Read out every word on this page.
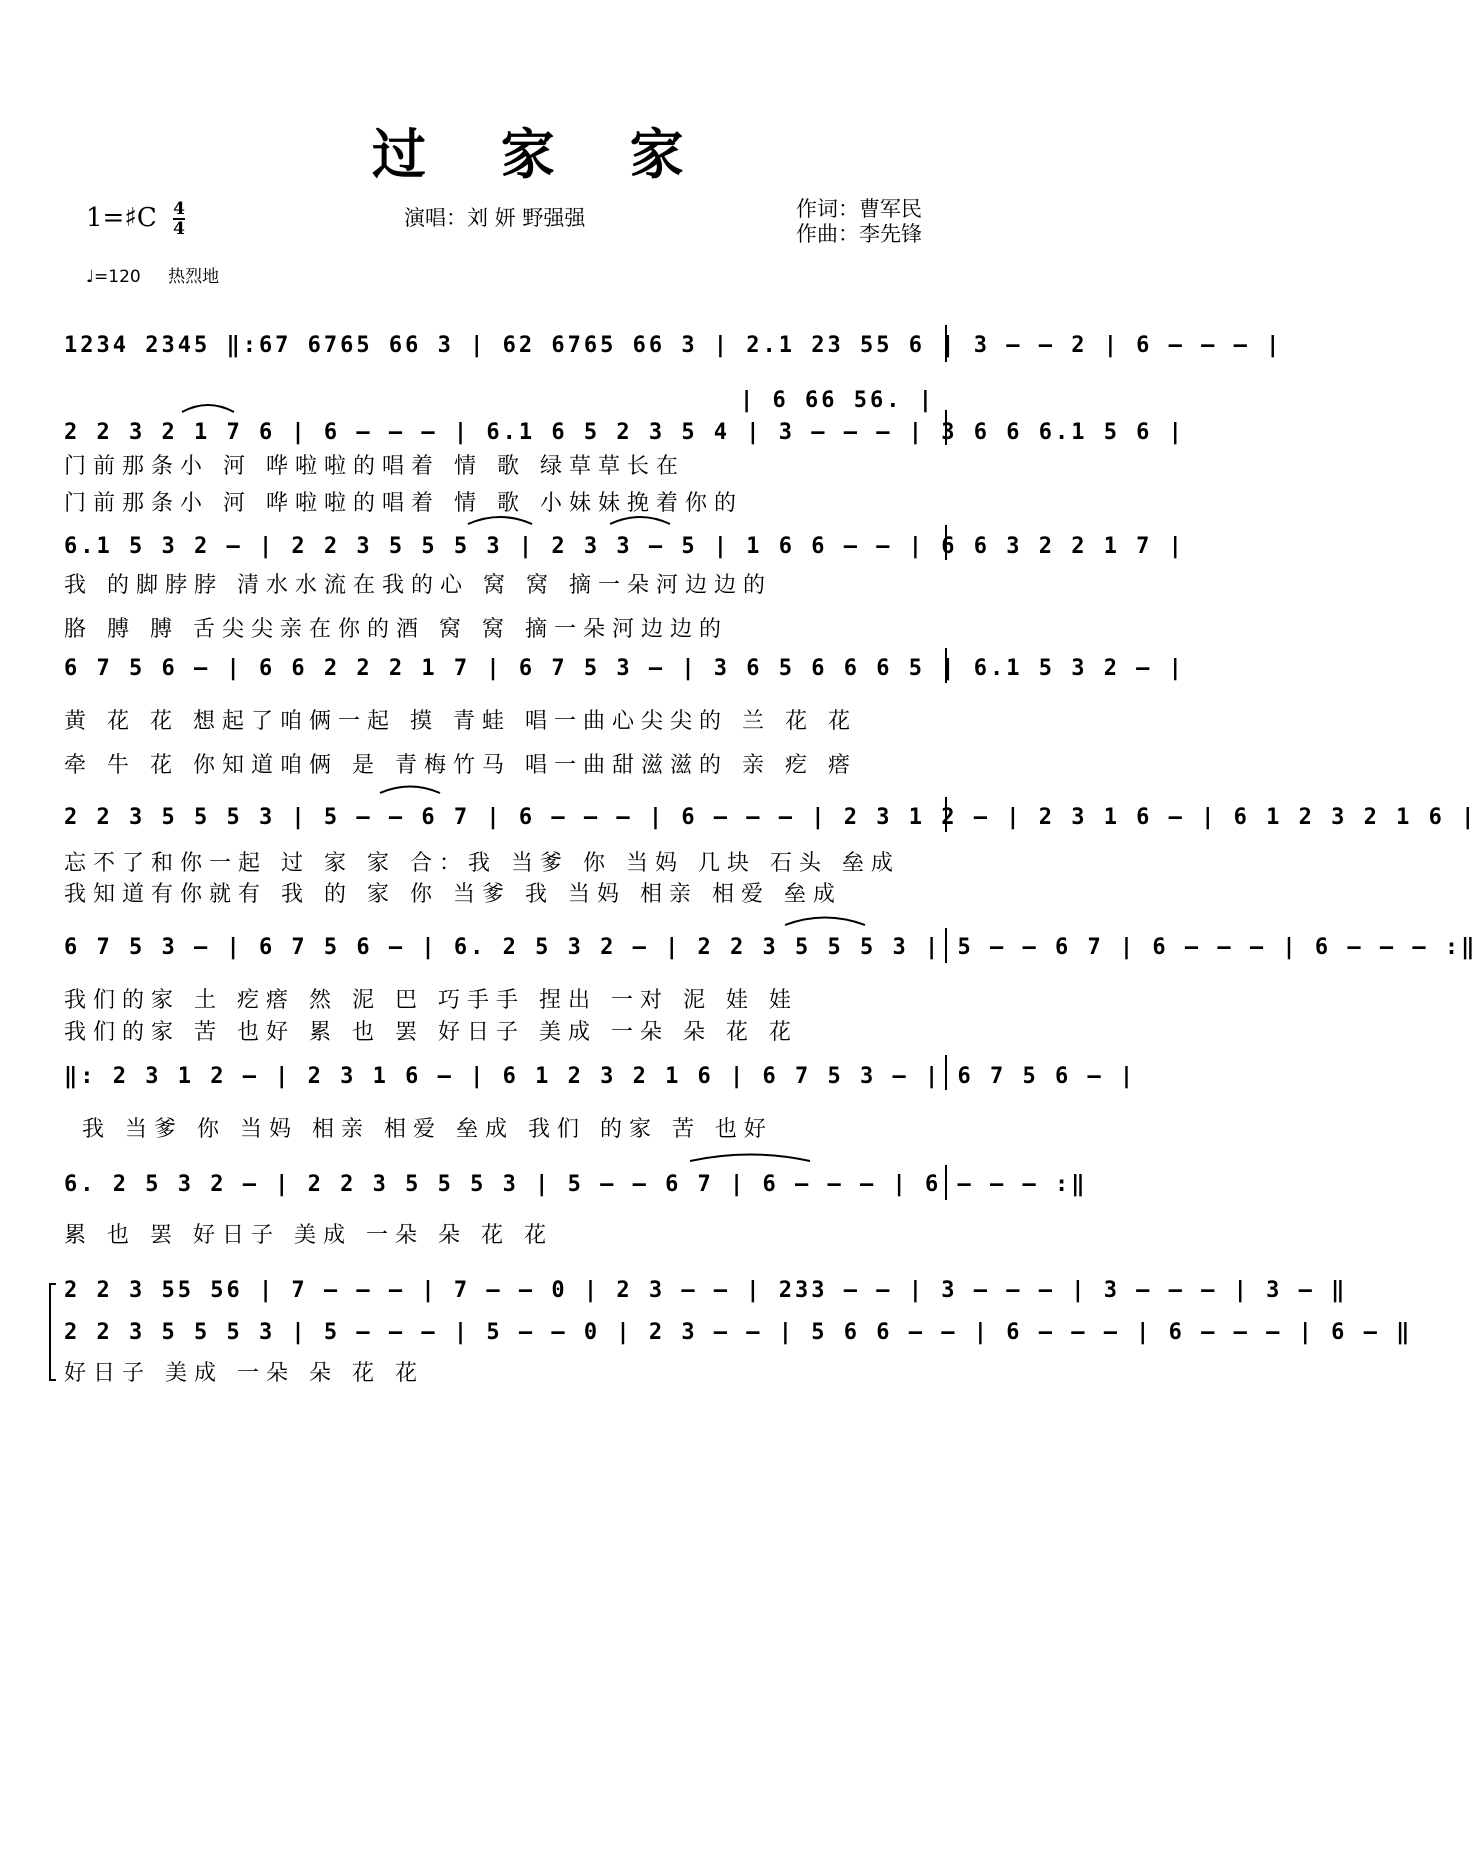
过 家 家
1=♯C $\frac{4}{4}$	演唱：刘 妍 野强强	作词：曹军民
作曲：李先锋
♩=120 热烈地
1234 2345 ‖:67 6765 66 3 | 62 6765 66 3 | 2.1 23 55 6 | 3 – – 2 | 6 – – – |
| 6 66 56. |
2 2 3 2 1 7 6 | 6 – – – | 6.1 6 5 2 3 5 4 | 3 – – – | 3 6 6 6.1 5 6 |
门前那条小 河 哗啦啦的唱着 情 歌 绿草草长在
门前那条小 河 哗啦啦的唱着 情 歌 小妹妹挽着你的
6.1 5 3 2 – | 2 2 3 5 5 5 3 | 2 3 3 – 5 | 1 6 6 – – | 6 6 3 2 2 1 7 |
我 的脚脖脖 清水水流在我的心 窝 窝 摘一朵河边边的
胳 膊 膊 舌尖尖亲在你的酒 窝 窝 摘一朵河边边的
6 7 5 6 – | 6 6 2 2 2 1 7 | 6 7 5 3 – | 3 6 5 6 6 6 5 | 6.1 5 3 2 – |
黄 花 花 想起了咱俩一起 摸 青蛙 唱一曲心尖尖的 兰 花 花
牵 牛 花 你知道咱俩 是 青梅竹马 唱一曲甜滋滋的 亲 疙 瘩
2 2 3 5 5 5 3 | 5 – – 6 7 | 6 – – – | 6 – – – | 2 3 1 2 – | 2 3 1 6 – | 6 1 2 3 2 1 6 |
忘不了和你一起 过 家 家 合：我 当爹 你 当妈 几块 石头 垒成
我知道有你就有 我 的 家 你 当爹 我 当妈 相亲 相爱 垒成
6 7 5 3 – | 6 7 5 6 – | 6. 2 5 3 2 – | 2 2 3 5 5 5 3 | 5 – – 6 7 | 6 – – – | 6 – – – :‖
我们的家 土 疙瘩 然 泥 巴 巧手手 捏出 一对 泥 娃 娃
我们的家 苦 也好 累 也 罢 好日子 美成 一朵 朵 花 花
‖: 2 3 1 2 – | 2 3 1 6 – | 6 1 2 3 2 1 6 | 6 7 5 3 – | 6 7 5 6 – |
我 当爹 你 当妈 相亲 相爱 垒成 我们 的家 苦 也好
6. 2 5 3 2 – | 2 2 3 5 5 5 3 | 5 – – 6 7 | 6 – – – | 6 – – – :‖
累 也 罢 好日子 美成 一朵 朵 花 花
2 2 3 55 56 | 7 – – – | 7 – – 0 | 2 3 – – | 233 – – | 3 – – – | 3 – – – | 3 – ‖
2 2 3 5 5 5 3 | 5 – – – | 5 – – 0 | 2 3 – – | 5 6 6 – – | 6 – – – | 6 – – – | 6 – ‖
好日子 美成 一朵 朵 花 花
